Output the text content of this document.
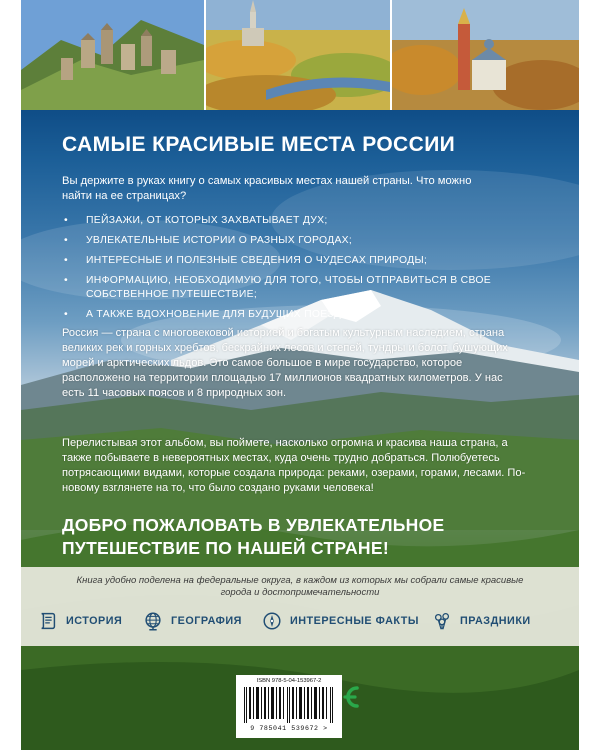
САМЫЕ КРАСИВЫЕ МЕСТА РОССИИ
Вы держите в руках книгу о самых красивых местах нашей страны. Что можно найти на ее страницах?
• ПЕЙЗАЖИ, ОТ КОТОРЫХ ЗАХВАТЫВАЕТ ДУХ;
• УВЛЕКАТЕЛЬНЫЕ ИСТОРИИ О РАЗНЫХ ГОРОДАХ;
• ИНТЕРЕСНЫЕ И ПОЛЕЗНЫЕ СВЕДЕНИЯ О ЧУДЕСАХ ПРИРОДЫ;
• ИНФОРМАЦИЮ, НЕОБХОДИМУЮ ДЛЯ ТОГО, ЧТОБЫ ОТПРАВИТЬСЯ В СВОЕ СОБСТВЕННОЕ ПУТЕШЕСТВИЕ;
• А ТАКЖЕ ВДОХНОВЕНИЕ ДЛЯ БУДУЩИХ ПОЕЗДОК
Россия — страна с многовековой историей и богатым культурным наследием, страна великих рек и горных хребтов, бескрайних лесов и степей, тундры и болот, бушующих морей и арктических льдов. Это самое большое в мире государство, которое расположено на территории площадью 17 миллионов квадратных километров. У нас есть 11 часовых поясов и 8 природных зон.
Перелистывая этот альбом, вы поймете, насколько огромна и красива наша страна, а также побываете в невероятных местах, куда очень трудно добраться. Полюбуетесь потрясающими видами, которые создала природа: реками, озерами, горами, лесами. По-новому взглянете на то, что было создано руками человека!
ДОБРО ПОЖАЛОВАТЬ В УВЛЕКАТЕЛЬНОЕ ПУТЕШЕСТВИЕ ПО НАШЕЙ СТРАНЕ!
Книга удобно поделена на федеральные округа, в каждом из которых мы собрали самые красивые города и достопримечательности
ИСТОРИЯ	ГЕОГРАФИЯ	ИНТЕРЕСНЫЕ ФАКТЫ	ПРАЗДНИКИ
ISBN 978-5-04-153967-2
9 785041 539672 >
